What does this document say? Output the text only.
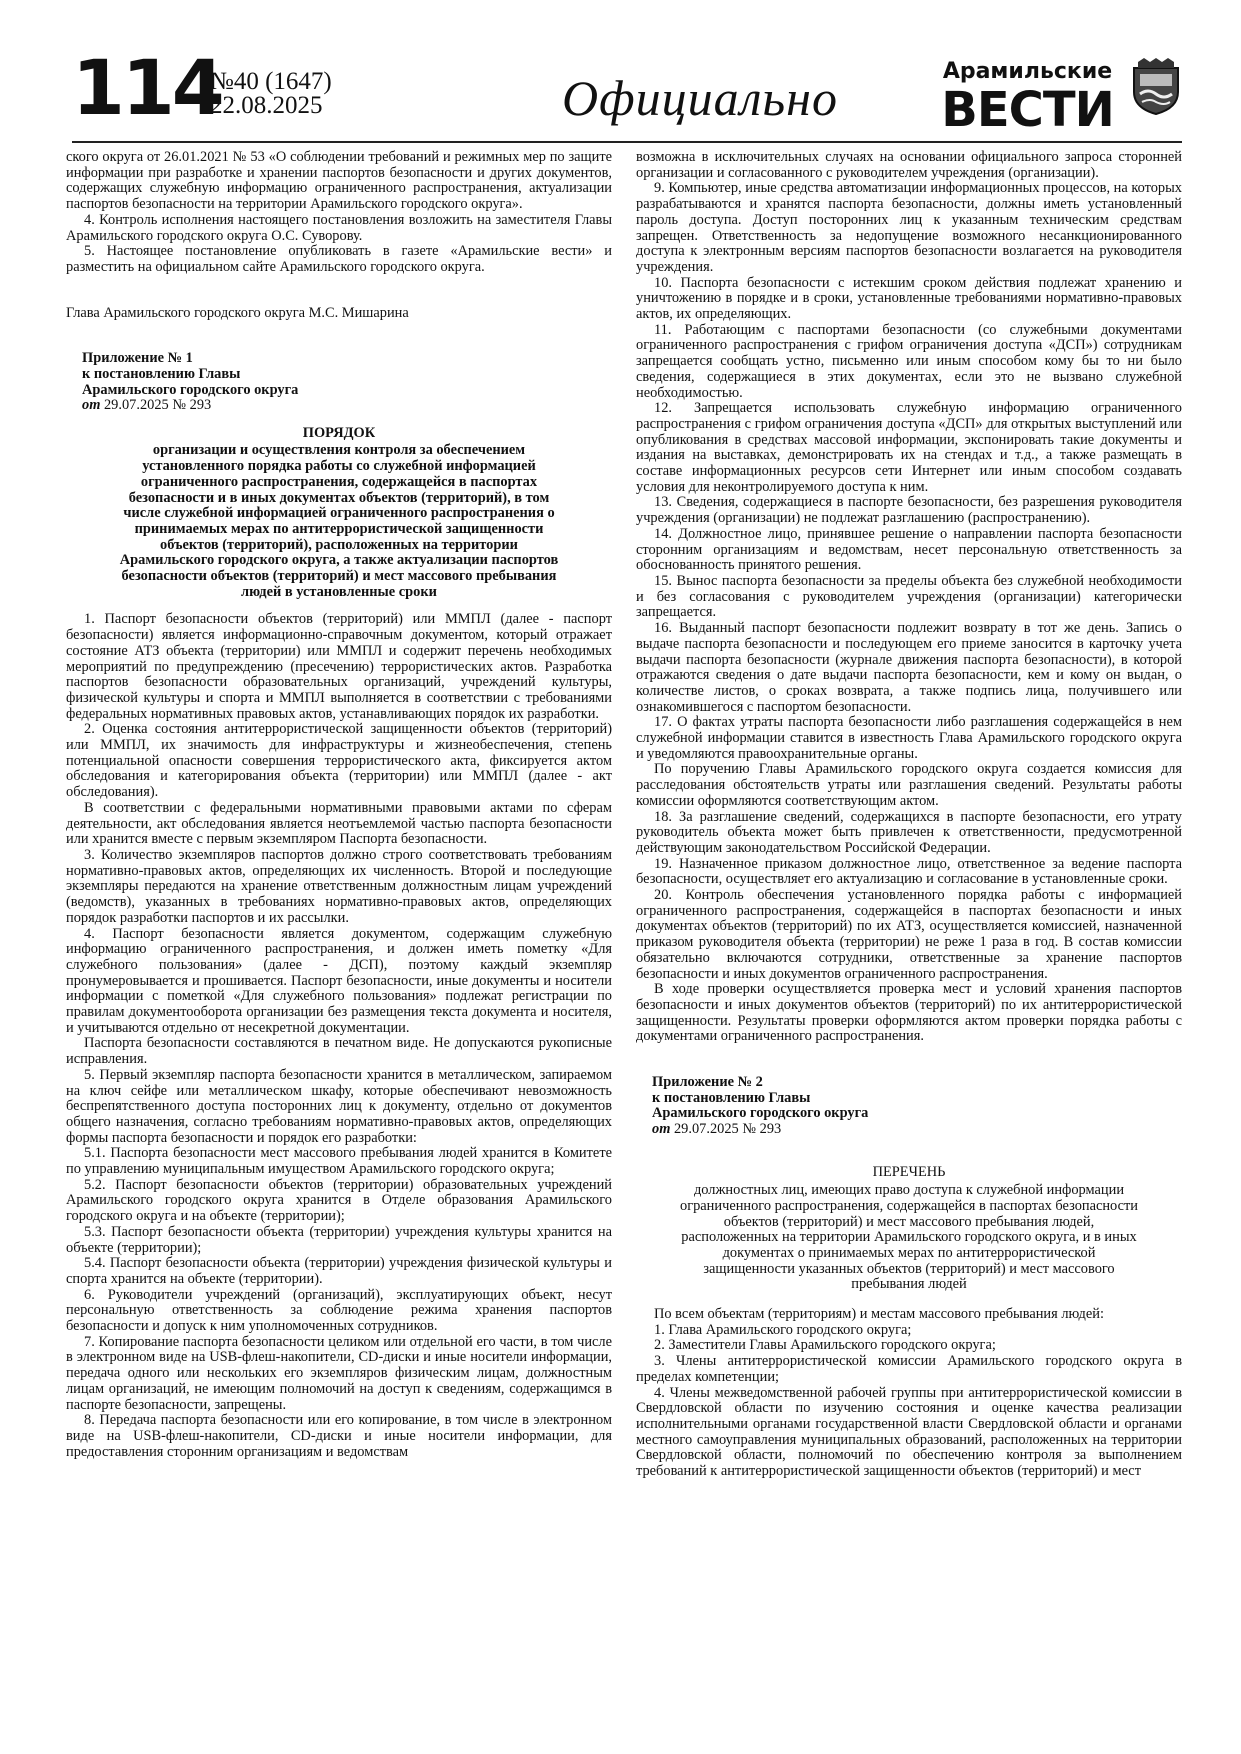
114
№40 (1647)
22.08.2025	Официально	Арамильские
ВЕСТИ

ского округа от 26.01.2021 № 53 «О соблюдении требований и режимных мер по защите информации при разработке и хранении паспортов безопасности и других документов, содержащих служебную информацию ограниченного распространения, актуализации паспортов безопасности на территории Арамильского городского округа».

4. Контроль исполнения настоящего постановления возложить на заместителя Главы Арамильского городского округа О.С. Суворову.

5. Настоящее постановление опубликовать в газете «Арамильские вести» и разместить на официальном сайте Арамильского городского округа.

Глава Арамильского городского округа М.С. Мишарина

Приложение № 1
к постановлению Главы
Арамильского городского округа
от 29.07.2025 № 293
ПОРЯДОК
организации и осуществления контроля за обеспечением установленного порядка работы со служебной информацией ограниченного распространения, содержащейся в паспортах безопасности и в иных документах объектов (территорий), в том числе служебной информацией ограниченного распространения о принимаемых мерах по антитеррористической защищенности объектов (территорий), расположенных на территории Арамильского городского округа, а также актуализации паспортов безопасности объектов (территорий) и мест массового пребывания людей в установленные сроки

1. Паспорт безопасности объектов (территорий) или ММПЛ (далее - паспорт безопасности) является информационно-справочным документом, который отражает состояние АТЗ объекта (территории) или ММПЛ и содержит перечень необходимых мероприятий по предупреждению (пресечению) террористических актов. Разработка паспортов безопасности образовательных организаций, учреждений культуры, физической культуры и спорта и ММПЛ выполняется в соответствии с требованиями федеральных нормативных правовых актов, устанавливающих порядок их разработки.

2. Оценка состояния антитеррористической защищенности объектов (территорий) или ММПЛ, их значимость для инфраструктуры и жизнеобеспечения, степень потенциальной опасности совершения террористического акта, фиксируется актом обследования и категорирования объекта (территории) или ММПЛ (далее - акт обследования).

В соответствии с федеральными нормативными правовыми актами по сферам деятельности, акт обследования является неотъемлемой частью паспорта безопасности или хранится вместе с первым экземпляром Паспорта безопасности.

3. Количество экземпляров паспортов должно строго соответствовать требованиям нормативно-правовых актов, определяющих их численность. Второй и последующие экземпляры передаются на хранение ответственным должностным лицам учреждений (ведомств), указанных в требованиях нормативно-правовых актов, определяющих порядок разработки паспортов и их рассылки.

4. Паспорт безопасности является документом, содержащим служебную информацию ограниченного распространения, и должен иметь пометку «Для служебного пользования» (далее - ДСП), поэтому каждый экземпляр пронумеровывается и прошивается. Паспорт безопасности, иные документы и носители информации с пометкой «Для служебного пользования» подлежат регистрации по правилам документооборота организации без размещения текста документа и носителя, и учитываются отдельно от несекретной документации.

Паспорта безопасности составляются в печатном виде. Не допускаются рукописные исправления.

5. Первый экземпляр паспорта безопасности хранится в металлическом, запираемом на ключ сейфе или металлическом шкафу, которые обеспечивают невозможность беспрепятственного доступа посторонних лиц к документу, отдельно от документов общего назначения, согласно требованиям нормативно-правовых актов, определяющих формы паспорта безопасности и порядок его разработки:

5.1. Паспорта безопасности мест массового пребывания людей хранится в Комитете по управлению муниципальным имуществом Арамильского городского округа;

5.2. Паспорт безопасности объектов (территории) образовательных учреждений Арамильского городского округа хранится в Отделе образования Арамильского городского округа и на объекте (территории);

5.3. Паспорт безопасности объекта (территории) учреждения культуры хранится на объекте (территории);

5.4. Паспорт безопасности объекта (территории) учреждения физической культуры и спорта хранится на объекте (территории).

6. Руководители учреждений (организаций), эксплуатирующих объект, несут персональную ответственность за соблюдение режима хранения паспортов безопасности и допуск к ним уполномоченных сотрудников.

7. Копирование паспорта безопасности целиком или отдельной его части, в том числе в электронном виде на USB-флеш-накопители, CD-диски и иные носители информации, передача одного или нескольких его экземпляров физическим лицам, должностным лицам организаций, не имеющим полномочий на доступ к сведениям, содержащимся в паспорте безопасности, запрещены.

8. Передача паспорта безопасности или его копирование, в том числе в электронном виде на USB-флеш-накопители, CD-диски и иные носители информации, для предоставления сторонним организациям и ведомствам

возможна в исключительных случаях на основании официального запроса сторонней организации и согласованного с руководителем учреждения (организации).

9. Компьютер, иные средства автоматизации информационных процессов, на которых разрабатываются и хранятся паспорта безопасности, должны иметь установленный пароль доступа. Доступ посторонних лиц к указанным техническим средствам запрещен. Ответственность за недопущение возможного несанкционированного доступа к электронным версиям паспортов безопасности возлагается на руководителя учреждения.

10. Паспорта безопасности с истекшим сроком действия подлежат хранению и уничтожению в порядке и в сроки, установленные требованиями нормативно-правовых актов, их определяющих.

11. Работающим с паспортами безопасности (со служебными документами ограниченного распространения с грифом ограничения доступа «ДСП») сотрудникам запрещается сообщать устно, письменно или иным способом кому бы то ни было сведения, содержащиеся в этих документах, если это не вызвано служебной необходимостью.

12. Запрещается использовать служебную информацию ограниченного распространения с грифом ограничения доступа «ДСП» для открытых выступлений или опубликования в средствах массовой информации, экспонировать такие документы и издания на выставках, демонстрировать их на стендах и т.д., а также размещать в составе информационных ресурсов сети Интернет или иным способом создавать условия для неконтролируемого доступа к ним.

13. Сведения, содержащиеся в паспорте безопасности, без разрешения руководителя учреждения (организации) не подлежат разглашению (распространению).

14. Должностное лицо, принявшее решение о направлении паспорта безопасности сторонним организациям и ведомствам, несет персональную ответственность за обоснованность принятого решения.

15. Вынос паспорта безопасности за пределы объекта без служебной необходимости и без согласования с руководителем учреждения (организации) категорически запрещается.

16. Выданный паспорт безопасности подлежит возврату в тот же день. Запись о выдаче паспорта безопасности и последующем его приеме заносится в карточку учета выдачи паспорта безопасности (журнале движения паспорта безопасности), в которой отражаются сведения о дате выдачи паспорта безопасности, кем и кому он выдан, о количестве листов, о сроках возврата, а также подпись лица, получившего или ознакомившегося с паспортом безопасности.

17. О фактах утраты паспорта безопасности либо разглашения содержащейся в нем служебной информации ставится в известность Глава Арамильского городского округа и уведомляются правоохранительные органы.

По поручению Главы Арамильского городского округа создается комиссия для расследования обстоятельств утраты или разглашения сведений. Результаты работы комиссии оформляются соответствующим актом.

18. За разглашение сведений, содержащихся в паспорте безопасности, его утрату руководитель объекта может быть привлечен к ответственности, предусмотренной действующим законодательством Российской Федерации.

19. Назначенное приказом должностное лицо, ответственное за ведение паспорта безопасности, осуществляет его актуализацию и согласование в установленные сроки.

20. Контроль обеспечения установленного порядка работы с информацией ограниченного распространения, содержащейся в паспортах безопасности и иных документах объектов (территорий) по их АТЗ, осуществляется комиссией, назначенной приказом руководителя объекта (территории) не реже 1 раза в год. В состав комиссии обязательно включаются сотрудники, ответственные за хранение паспортов безопасности и иных документов ограниченного распространения.

В ходе проверки осуществляется проверка мест и условий хранения паспортов безопасности и иных документов объектов (территорий) по их антитеррористической защищенности. Результаты проверки оформляются актом проверки порядка работы с документами ограниченного распространения.

Приложение № 2
к постановлению Главы
Арамильского городского округа
от 29.07.2025 № 293
ПЕРЕЧЕНЬ
должностных лиц, имеющих право доступа к служебной информации ограниченного распространения, содержащейся в паспортах безопасности объектов (территорий) и мест массового пребывания людей, расположенных на территории Арамильского городского округа, и в иных документах о принимаемых мерах по антитеррористической защищенности указанных объектов (территорий) и мест массового пребывания людей

По всем объектам (территориям) и местам массового пребывания людей:

1. Глава Арамильского городского округа;

2. Заместители Главы Арамильского городского округа;

3. Члены антитеррористической комиссии Арамильского городского округа в пределах компетенции;

4. Члены межведомственной рабочей группы при антитеррористической комиссии в Свердловской области по изучению состояния и оценке качества реализации исполнительными органами государственной власти Свердловской области и органами местного самоуправления муниципальных образований, расположенных на территории Свердловской области, полномочий по обеспечению контроля за выполнением требований к антитеррористической защищенности объектов (территорий) и мест
